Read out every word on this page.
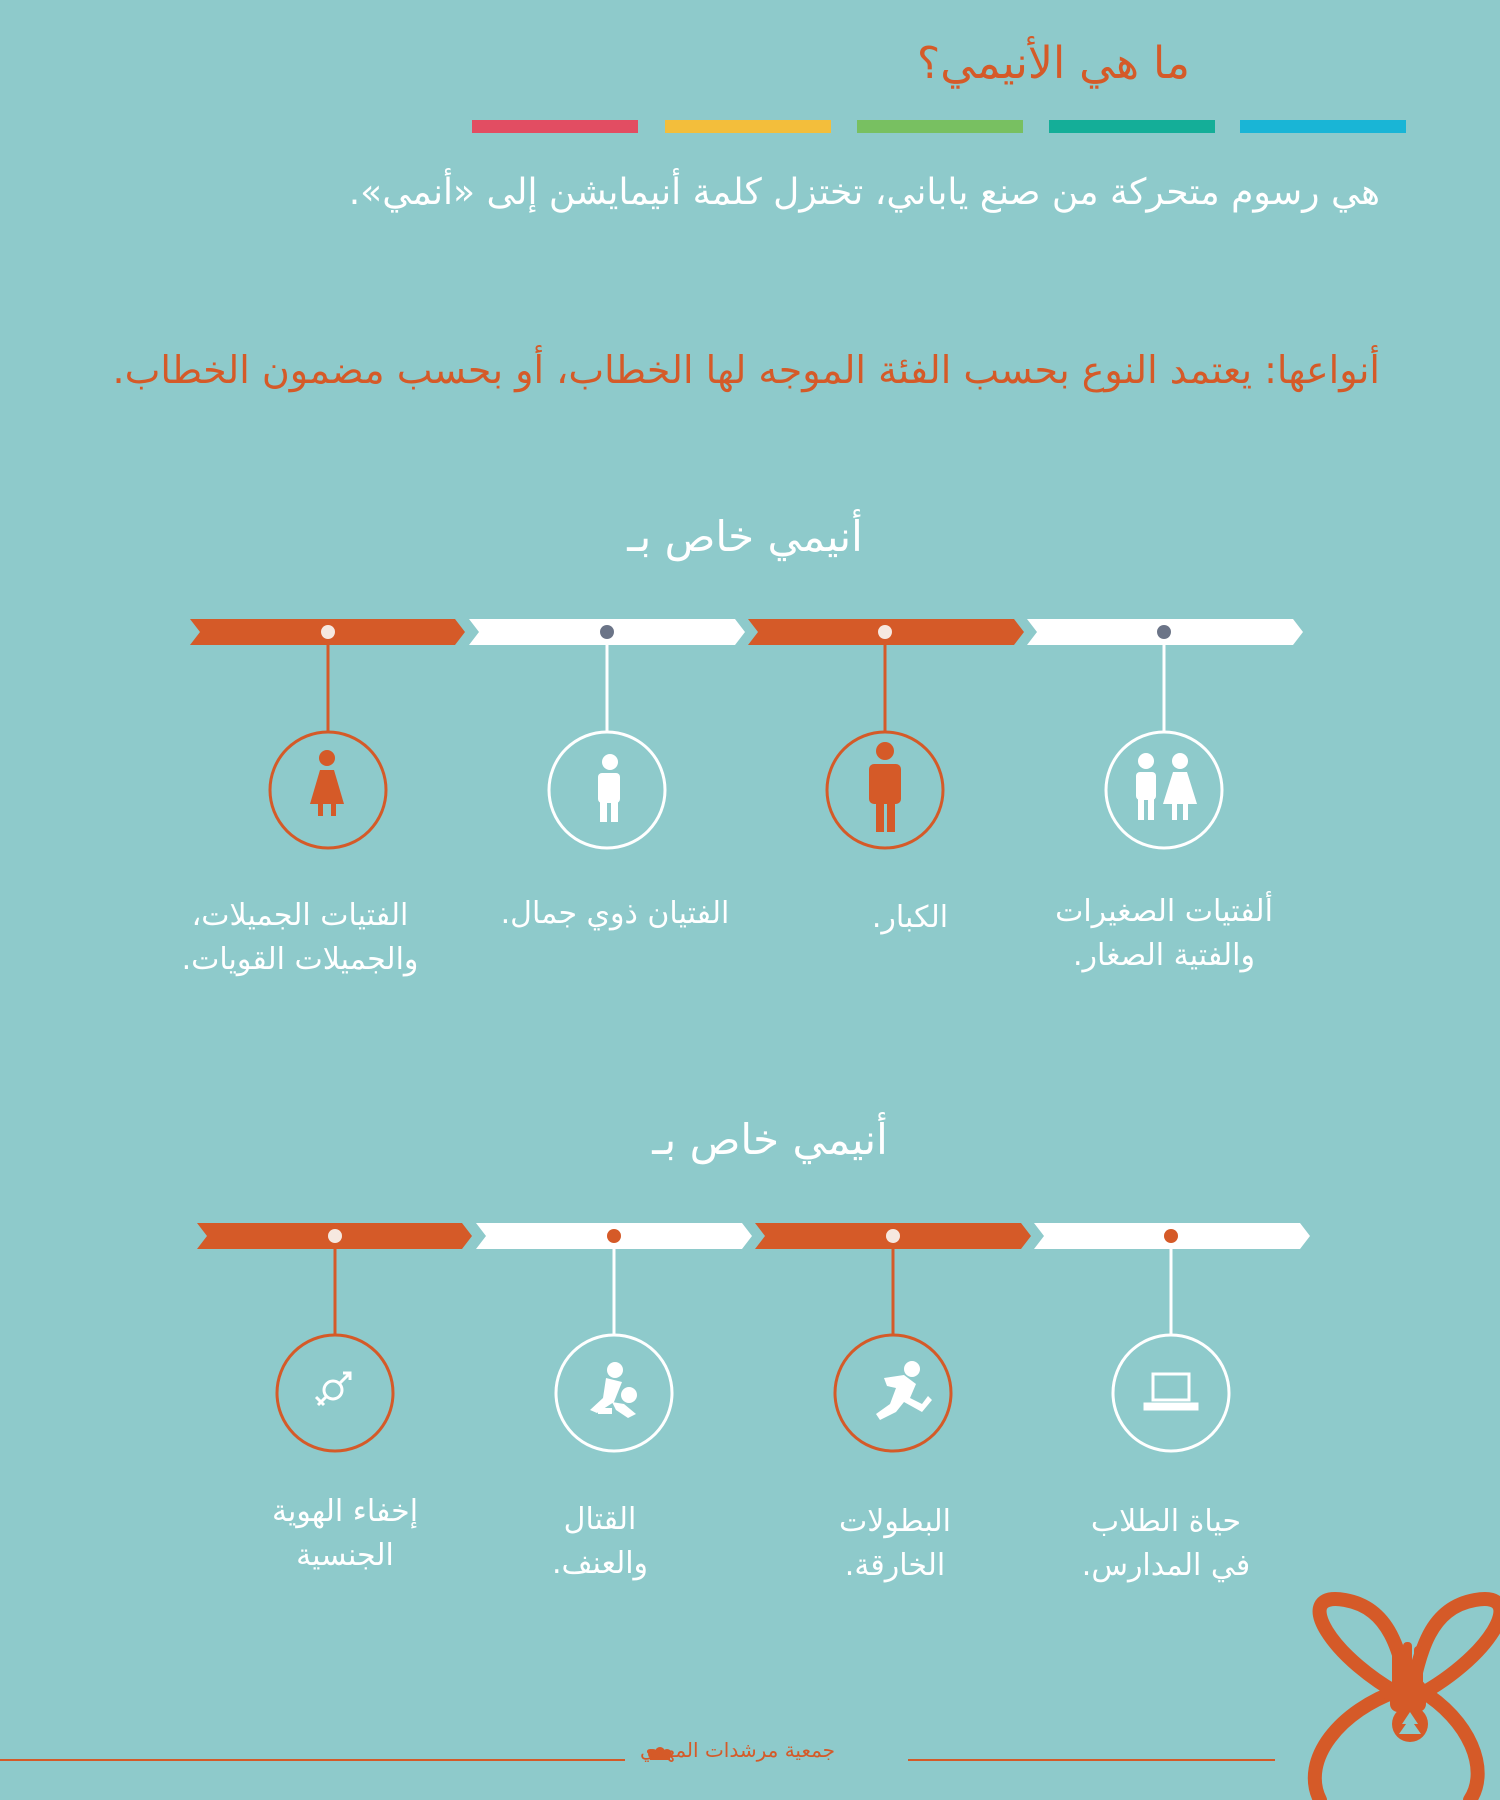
ما هي الأنيمي؟
هي رسوم متحركة من صنع ياباني، تختزل كلمة أنيمايشن إلى «أنمي».
أنواعها: يعتمد النوع بحسب الفئة الموجه لها الخطاب، أو بحسب مضمون الخطاب.
أنيمي خاص بـ
ألفتيات الصغيرات
والفتية الصغار.
الكبار.
الفتيان ذوي جمال.
الفتيات الجميلات،
والجميلات القويات.
أنيمي خاص بـ
حياة الطلاب
في المدارس.
البطولات
الخارقة.
القتال
والعنف.
إخفاء الهوية
الجنسية
جمعية مرشدات المهدي
